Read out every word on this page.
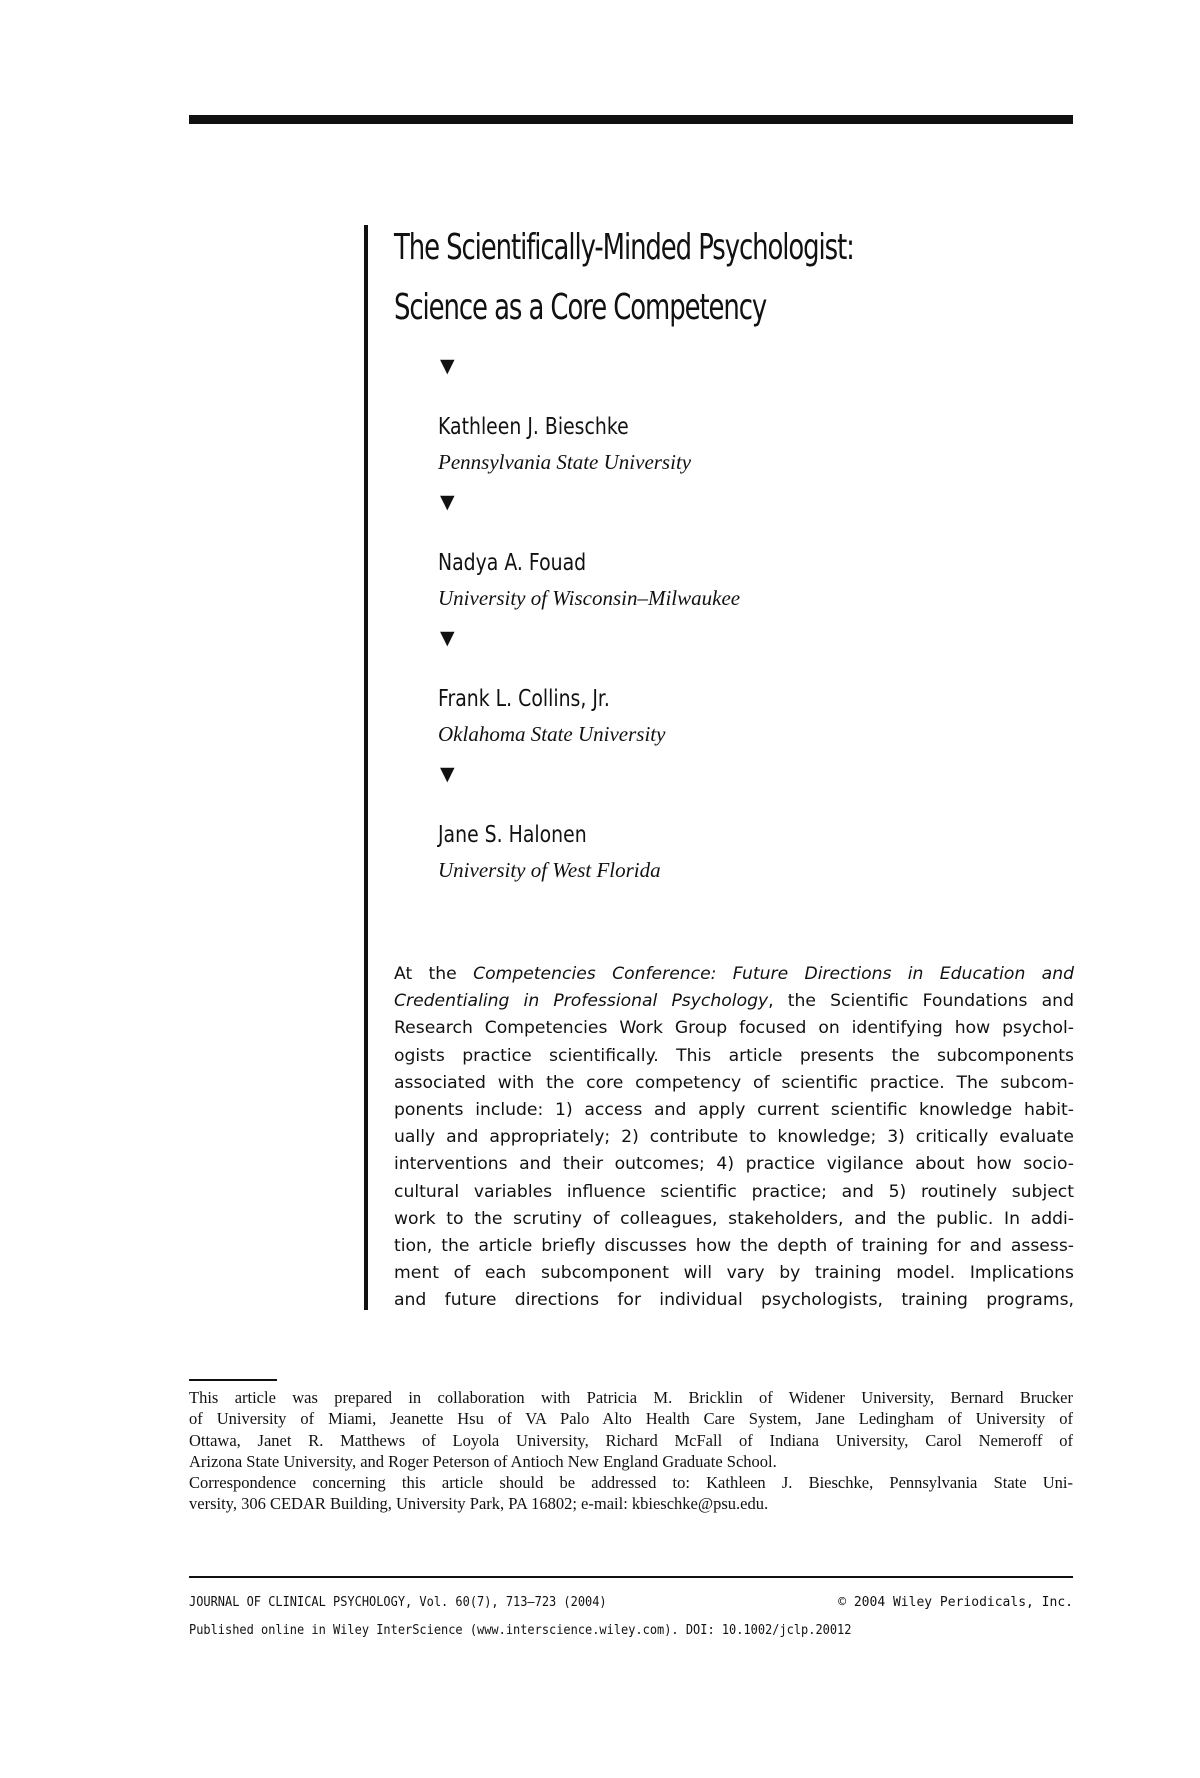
The Scientifically-Minded Psychologist:
Science as a Core Competency
▼
Kathleen J. Bieschke
Pennsylvania State University
▼
Nadya A. Fouad
University of Wisconsin–Milwaukee
▼
Frank L. Collins, Jr.
Oklahoma State University
▼
Jane S. Halonen
University of West Florida
At the Competencies Conference: Future Directions in Education and
Credentialing in Professional Psychology, the Scientific Foundations and
Research Competencies Work Group focused on identifying how psychol-
ogists practice scientifically. This article presents the subcomponents
associated with the core competency of scientific practice. The subcom-
ponents include: 1) access and apply current scientific knowledge habit-
ually and appropriately; 2) contribute to knowledge; 3) critically evaluate
interventions and their outcomes; 4) practice vigilance about how socio-
cultural variables influence scientific practice; and 5) routinely subject
work to the scrutiny of colleagues, stakeholders, and the public. In addi-
tion, the article briefly discusses how the depth of training for and assess-
ment of each subcomponent will vary by training model. Implications
and future directions for individual psychologists, training programs,
This article was prepared in collaboration with Patricia M. Bricklin of Widener University, Bernard Brucker
of University of Miami, Jeanette Hsu of VA Palo Alto Health Care System, Jane Ledingham of University of
Ottawa, Janet R. Matthews of Loyola University, Richard McFall of Indiana University, Carol Nemeroff of
Arizona State University, and Roger Peterson of Antioch New England Graduate School.
Correspondence concerning this article should be addressed to: Kathleen J. Bieschke, Pennsylvania State Uni-
versity, 306 CEDAR Building, University Park, PA 16802; e-mail: kbieschke@psu.edu.
JOURNAL OF CLINICAL PSYCHOLOGY, Vol. 60(7), 713–723 (2004)	© 2004 Wiley Periodicals, Inc.
Published online in Wiley InterScience (www.interscience.wiley.com). DOI: 10.1002/jclp.20012
